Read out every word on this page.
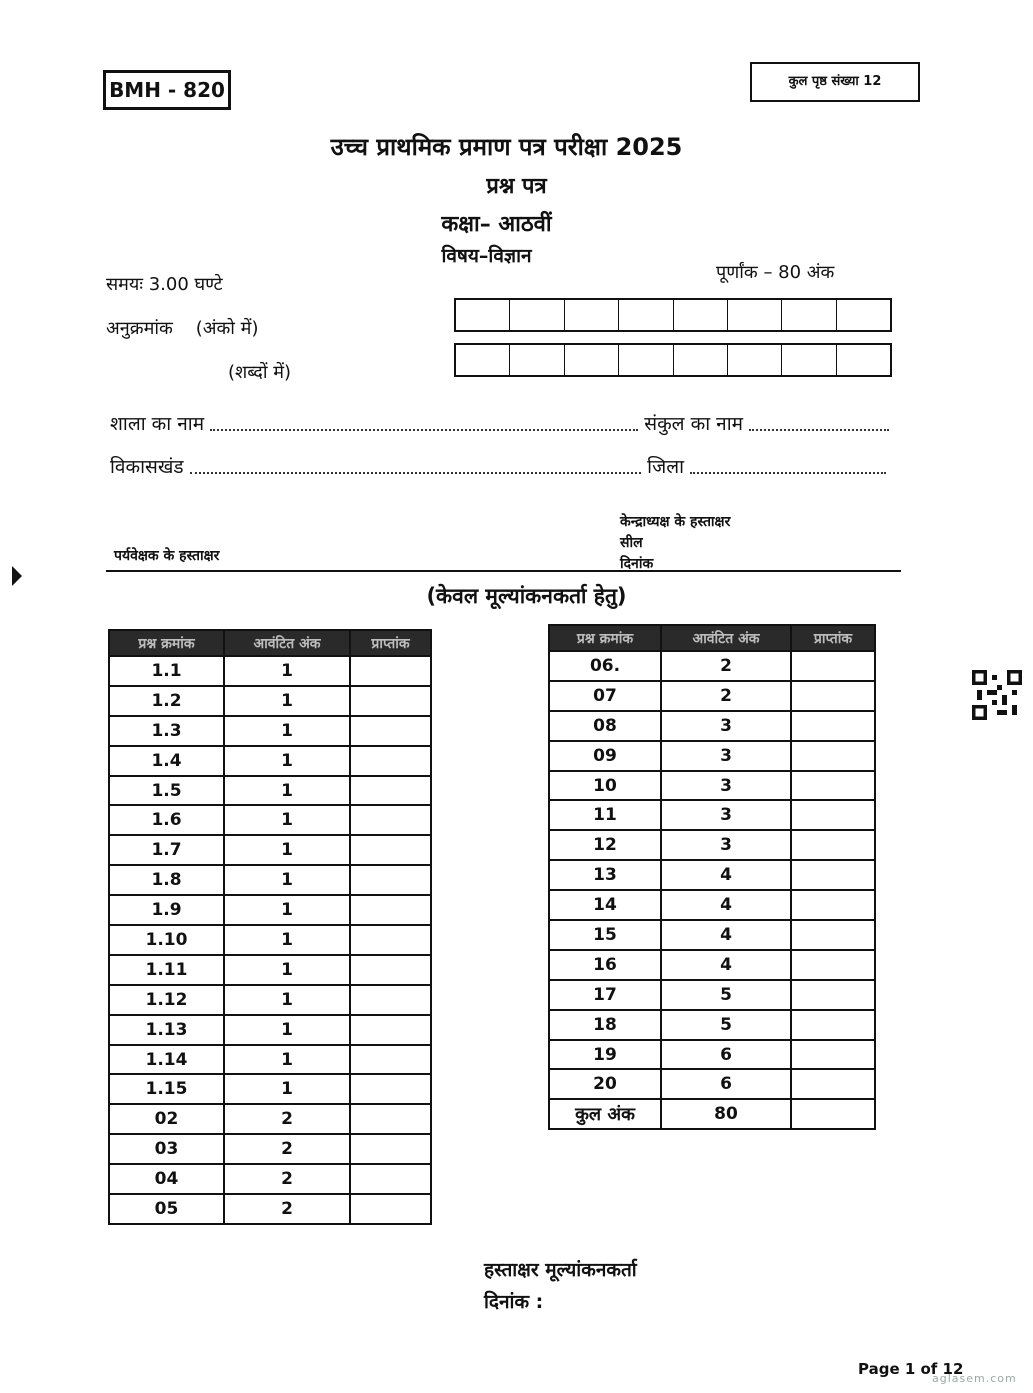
BMH - 820	कुल पृष्ठ संख्या 12
उच्च प्राथमिक प्रमाण पत्र परीक्षा 2025
प्रश्न पत्र
कक्षा– आठवीं
विषय–विज्ञान
समयः 3.00 घण्टे
पूर्णांक – 80 अंक
अनुक्रमांक    (अंको में)
(शब्दों में)
शाला का नाम	संकुल का नाम
विकासखंड	जिला
पर्यवेक्षक के हस्ताक्षर
केन्द्राध्यक्ष के हस्ताक्षर
सील
दिनांक
(केवल मूल्यांकनकर्ता हेतु)
प्रश्न क्रमांक	आवंटित अंक	प्राप्तांक
1.1	1	
1.2	1	
1.3	1	
1.4	1	
1.5	1	
1.6	1	
1.7	1	
1.8	1	
1.9	1	
1.10	1	
1.11	1	
1.12	1	
1.13	1	
1.14	1	
1.15	1	
02	2	
03	2	
04	2	
05	2	
प्रश्न क्रमांक	आवंटित अंक	प्राप्तांक
06.	2	
07	2	
08	3	
09	3	
10	3	
11	3	
12	3	
13	4	
14	4	
15	4	
16	4	
17	5	
18	5	
19	6	
20	6	
कुल अंक	80	
हस्ताक्षर मूल्यांकनकर्ता
दिनांक :
Page 1 of 12
aglasem.com
